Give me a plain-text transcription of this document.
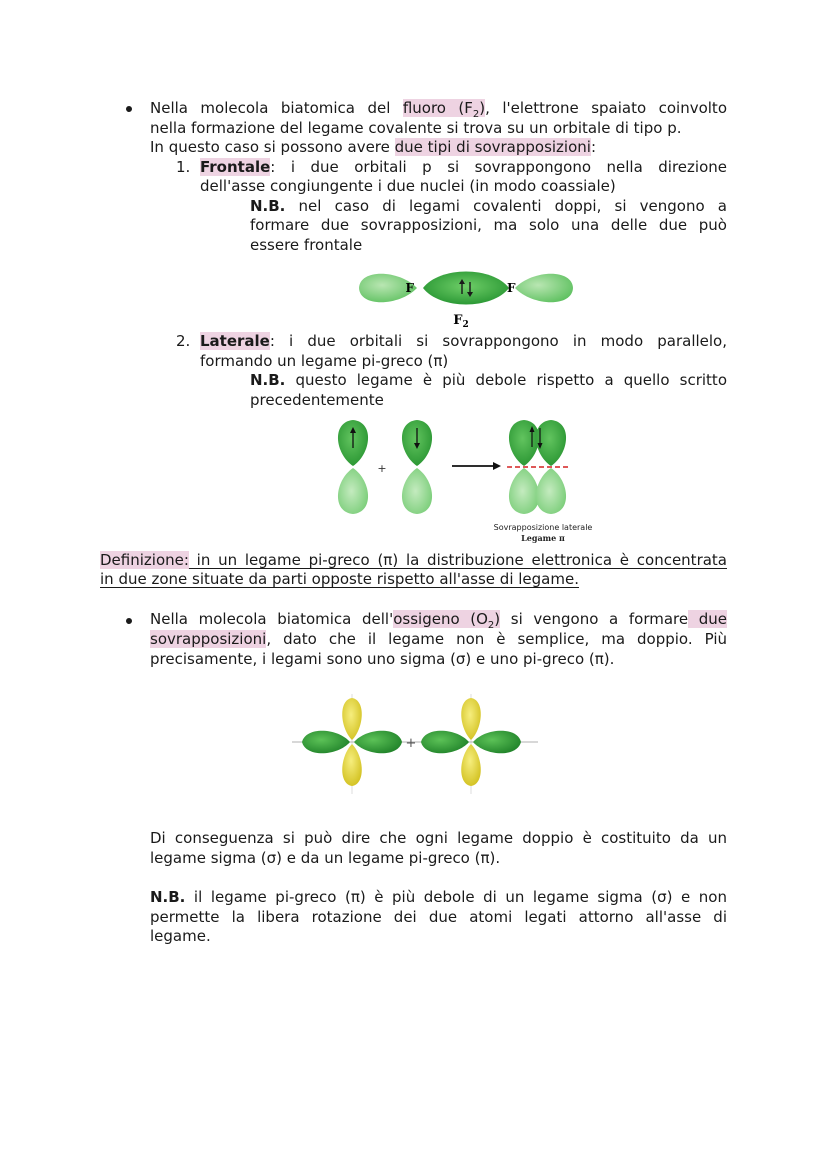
Nella molecola biatomica del fluoro $(F_2)$, l'elettrone spaiato coinvolto
nella formazione del legame covalente si trova su un orbitale di tipo p.
In questo caso si possono avere due tipi di sovrapposizioni:
1. Frontale: i due orbitali p si sovrappongono nella direzione
dell'asse congiungente i due nuclei (in modo coassiale)
N.B. nel caso di legami covalenti doppi, si vengono a
formare due sovrapposizioni, ma solo una delle due può
essere frontale
F	F
$F_2$
2. Laterale: i due orbitali si sovrappongono in modo parallelo,
formando un legame pi-greco (π)
N.B. questo legame è più debole rispetto a quello scritto
precedentemente
+
Sovrapposizione laterale
Legame π
Definizione: in un legame pi-greco (π) la distribuzione elettronica è concentrata
in due zone situate da parti opposte rispetto all'asse di legame.
Nella molecola biatomica dell'ossigeno $(O_2)$ si vengono a formare due
sovrapposizioni, dato che il legame non è semplice, ma doppio. Più
precisamente, i legami sono uno sigma (σ) e uno pi-greco (π).
+
Di conseguenza si può dire che ogni legame doppio è costituito da un
legame sigma (σ) e da un legame pi-greco (π).
N.B. il legame pi-greco (π) è più debole di un legame sigma (σ) e non
permette la libera rotazione dei due atomi legati attorno all'asse di
legame.
